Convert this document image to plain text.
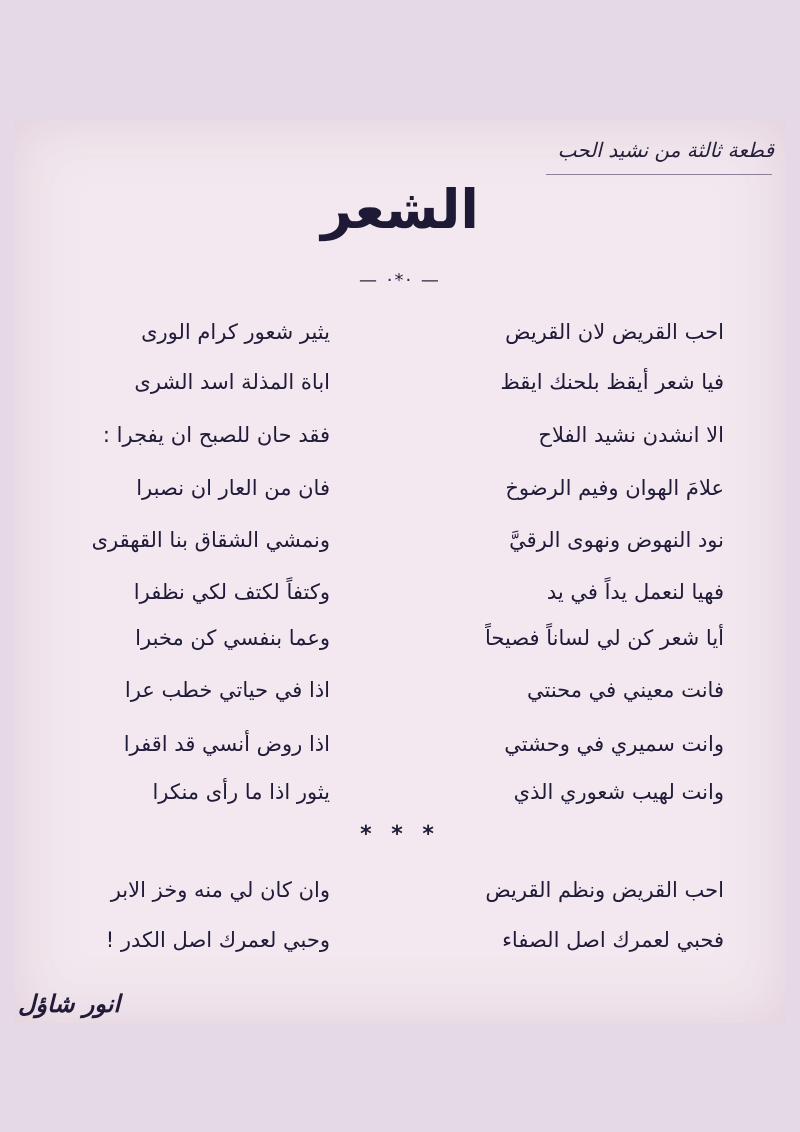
قطعة ثالثة من نشيد الحب
الشعر
— ·*· —
احب القريض لان القريض
يثير شعور كرام الورى
فيا شعر أيقظ بلحنك ايقظ
اباة المذلة اسد الشرى
الا انشدن نشيد الفلاح
فقد حان للصبح ان يفجرا :
علامَ الهوان وفيم الرضوخ
فان من العار ان نصبرا
نود النهوض ونهوى الرقيَّ
ونمشي الشقاق بنا القهقرى
فهيا لنعمل يداً في يد
وكتفاً لكتف لكي نظفرا
أيا شعر كن لي لساناً فصيحاً
وعما بنفسي كن مخبرا
فانت معيني في محنتي
اذا في حياتي خطب عرا
وانت سميري في وحشتي
اذا روض أنسي قد اقفرا
وانت لهيب شعوري الذي
يثور اذا ما رأى منكرا
* * *
احب القريض ونظم القريض
وان كان لي منه وخز الابر
فحبي لعمرك اصل الصفاء
وحبي لعمرك اصل الكدر !
انور شاؤل
